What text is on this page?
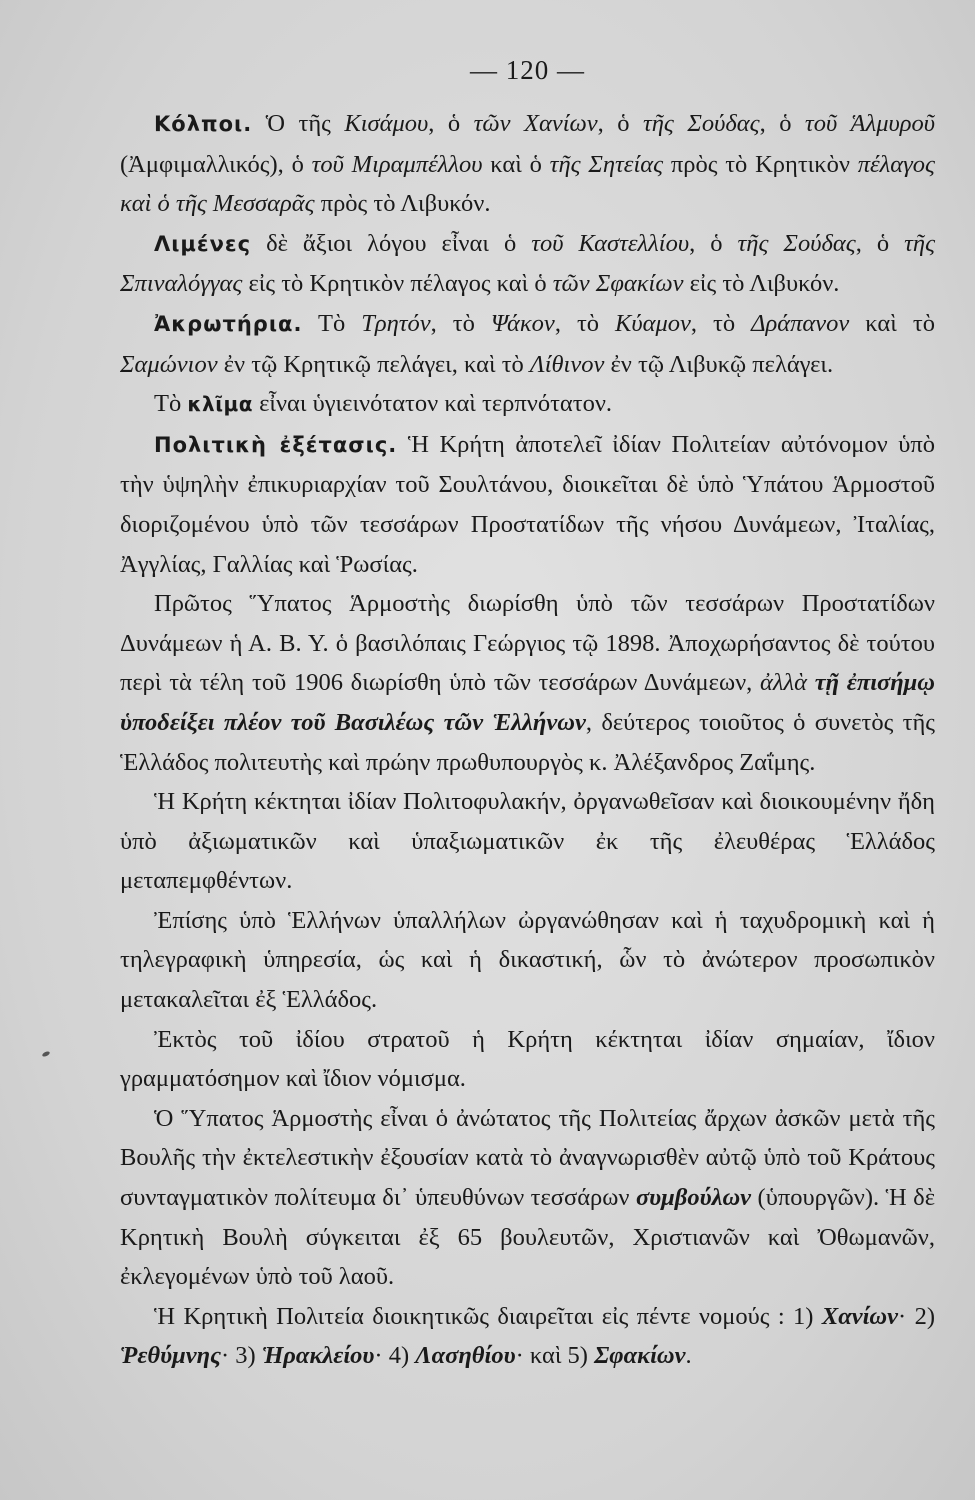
— 120 —

Κόλποι. Ὁ τῆς Κισάμου, ὁ τῶν Χανίων, ὁ τῆς Σούδας, ὁ τοῦ Ἁλμυροῦ (Ἀμφιμαλλικός), ὁ τοῦ Μιραμπέλλου καὶ ὁ τῆς Σητείας πρὸς τὸ Κρητικὸν πέλαγος καὶ ὁ τῆς Μεσσαρᾶς πρὸς τὸ Λιβυκόν.

Λιμένες δὲ ἄξιοι λόγου εἶναι ὁ τοῦ Καστελλίου, ὁ τῆς Σούδας, ὁ τῆς Σπιναλόγγας εἰς τὸ Κρητικὸν πέλαγος καὶ ὁ τῶν Σφακίων εἰς τὸ Λιβυκόν.

Ἀκρωτήρια. Τὸ Τρητόν, τὸ Ψάκον, τὸ Κύαμον, τὸ Δράπανον καὶ τὸ Σαμώνιον ἐν τῷ Κρητικῷ πελάγει, καὶ τὸ Λίθινον ἐν τῷ Λιβυκῷ πελάγει.

Τὸ κλῖμα εἶναι ὑγιεινότατον καὶ τερπνότατον.

Πολιτικὴ ἐξέτασις. Ἡ Κρήτη ἀποτελεῖ ἰδίαν Πολιτείαν αὐτόνομον ὑπὸ τὴν ὑψηλὴν ἐπικυριαρχίαν τοῦ Σουλτάνου, διοικεῖται δὲ ὑπὸ Ὑπάτου Ἁρμοστοῦ διοριζομένου ὑπὸ τῶν τεσσάρων Προστατίδων τῆς νήσου Δυνάμεων, Ἰταλίας, Ἀγγλίας, Γαλλίας καὶ Ῥωσίας.

Πρῶτος Ὕπατος Ἁρμοστὴς διωρίσθη ὑπὸ τῶν τεσσάρων Προστατίδων Δυνάμεων ἡ Α. Β. Υ. ὁ βασιλόπαις Γεώργιος τῷ 1898. Ἀποχωρήσαντος δὲ τούτου περὶ τὰ τέλη τοῦ 1906 διωρίσθη ὑπὸ τῶν τεσσάρων Δυνάμεων, ἀλλὰ τῇ ἐπισήμῳ ὑποδείξει πλέον τοῦ Βασιλέως τῶν Ἑλλήνων, δεύτερος τοιοῦτος ὁ συνετὸς τῆς Ἑλλάδος πολιτευτὴς καὶ πρώην πρωθυπουργὸς κ. Ἀλέξανδρος Ζαΐμης.

Ἡ Κρήτη κέκτηται ἰδίαν Πολιτοφυλακήν, ὀργανωθεῖσαν καὶ διοικουμένην ἤδη ὑπὸ ἀξιωματικῶν καὶ ὑπαξιωματικῶν ἐκ τῆς ἐλευθέρας Ἑλλάδος μεταπεμφθέντων.

Ἐπίσης ὑπὸ Ἑλλήνων ὑπαλλήλων ὠργανώθησαν καὶ ἡ ταχυδρομικὴ καὶ ἡ τηλεγραφικὴ ὑπηρεσία, ὡς καὶ ἡ δικαστική, ὧν τὸ ἀνώτερον προσωπικὸν μετακαλεῖται ἐξ Ἑλλάδος.

Ἐκτὸς τοῦ ἰδίου στρατοῦ ἡ Κρήτη κέκτηται ἰδίαν σημαίαν, ἴδιον γραμματόσημον καὶ ἴδιον νόμισμα.

Ὁ Ὕπατος Ἁρμοστὴς εἶναι ὁ ἀνώτατος τῆς Πολιτείας ἄρχων ἀσκῶν μετὰ τῆς Βουλῆς τὴν ἐκτελεστικὴν ἐξουσίαν κατὰ τὸ ἀναγνωρισθὲν αὐτῷ ὑπὸ τοῦ Κράτους συνταγματικὸν πολίτευμα δι᾽ ὑπευθύνων τεσσάρων συμβούλων (ὑπουργῶν). Ἡ δὲ Κρητικὴ Βουλὴ σύγκειται ἐξ 65 βουλευτῶν, Χριστιανῶν καὶ Ὀθωμανῶν, ἐκλεγομένων ὑπὸ τοῦ λαοῦ.

Ἡ Κρητικὴ Πολιτεία διοικητικῶς διαιρεῖται εἰς πέντε νομούς : 1) Χανίων· 2) Ῥεθύμνης· 3) Ἡρακλείου· 4) Λασηθίου· καὶ 5) Σφακίων.
